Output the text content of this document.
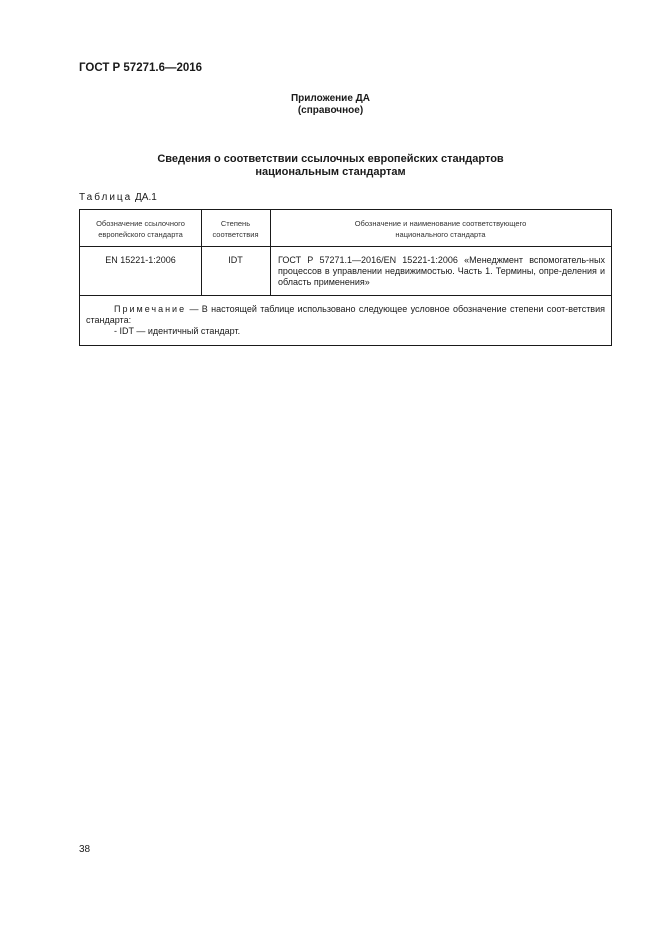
ГОСТ Р 57271.6—2016
Приложение ДА
(справочное)
Сведения о соответствии ссылочных европейских стандартов
национальным стандартам
Таблица ДА.1
Обозначение ссылочного
европейского стандарта
Степень
соответствия
Обозначение и наименование соответствующего
национального стандарта
EN 15221-1:2006	IDT	ГОСТ Р 57271.1—2016/EN 15221-1:2006 «Менеджмент вспомогатель-ных процессов в управлении недвижимостью. Часть 1. Термины, опре-деления и область применения»
Примечание — В настоящей таблице использовано следующее условное обозначение степени соот-ветствия стандарта:
- IDT — идентичный стандарт.
38
